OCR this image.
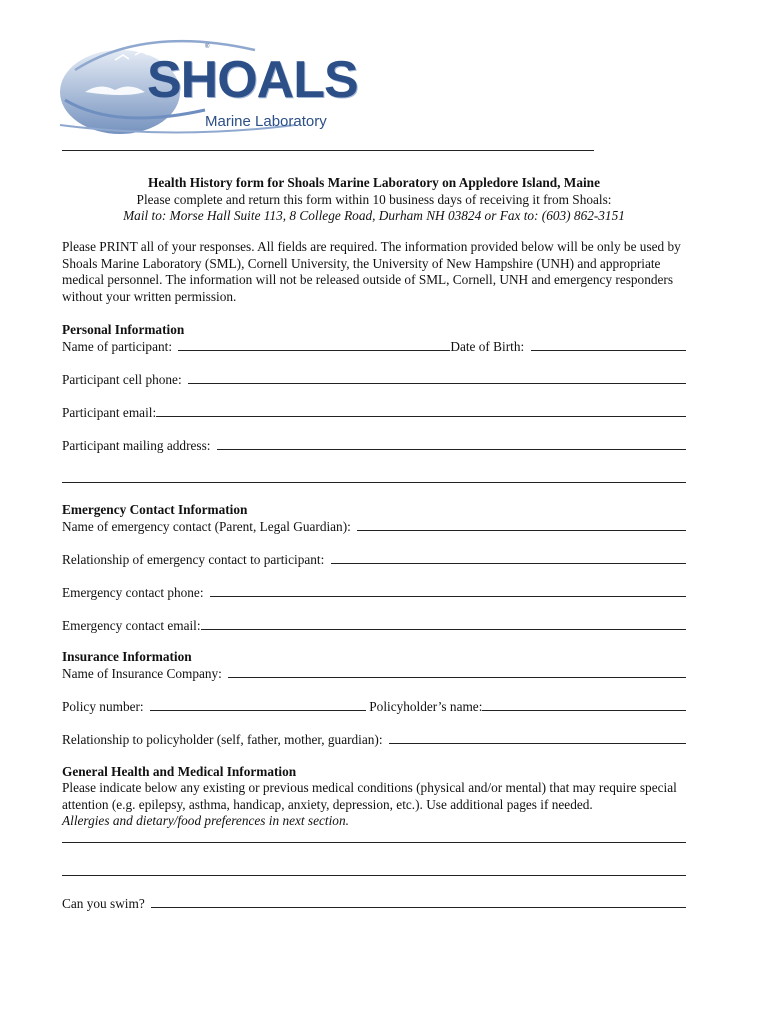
®
SHOALS
Marine Laboratory
Health History form for Shoals Marine Laboratory on Appledore Island, Maine
Please complete and return this form within 10 business days of receiving it from Shoals:
Mail to: Morse Hall Suite 113, 8 College Road, Durham NH 03824 or Fax to: (603) 862-3151
Please PRINT all of your responses. All fields are required. The information provided below will be only be used by Shoals Marine Laboratory (SML), Cornell University, the University of New Hampshire (UNH) and appropriate medical personnel. The information will not be released outside of SML, Cornell, UNH and emergency responders without your written permission.
Personal Information
Name of participant:	Date of Birth:
Participant cell phone:
Participant email:
Participant mailing address:
Emergency Contact Information
Name of emergency contact (Parent, Legal Guardian):
Relationship of emergency contact to participant:
Emergency contact phone:
Emergency contact email:
Insurance Information
Name of Insurance Company:
Policy number:	Policyholder’s name:
Relationship to policyholder (self, father, mother, guardian):
General Health and Medical Information
Please indicate below any existing or previous medical conditions (physical and/or mental) that may require special attention (e.g. epilepsy, asthma, handicap, anxiety, depression, etc.). Use additional pages if needed.
Allergies and dietary/food preferences in next section.
Can you swim?
